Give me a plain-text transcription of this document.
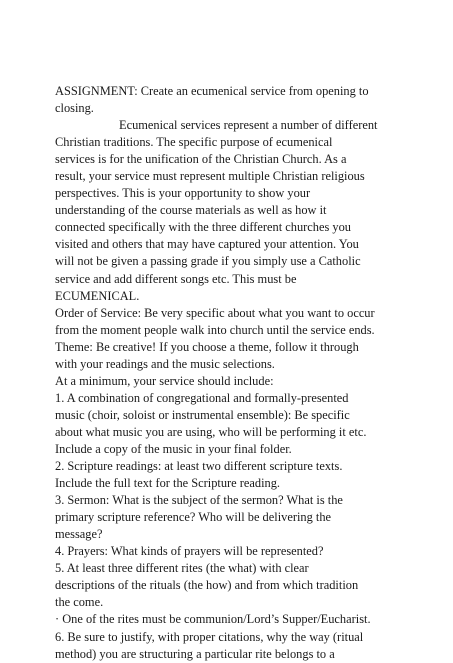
ASSIGNMENT: Create an ecumenical service from opening to
closing.
Ecumenical services represent a number of different
Christian traditions. The specific purpose of ecumenical
services is for the unification of the Christian Church. As a
result, your service must represent multiple Christian religious
perspectives. This is your opportunity to show your
understanding of the course materials as well as how it
connected specifically with the three different churches you
visited and others that may have captured your attention. You
will not be given a passing grade if you simply use a Catholic
service and add different songs etc. This must be
ECUMENICAL.
Order of Service: Be very specific about what you want to occur
from the moment people walk into church until the service ends.
Theme: Be creative! If you choose a theme, follow it through
with your readings and the music selections.
At a minimum, your service should include:
1. A combination of congregational and formally-presented
music (choir, soloist or instrumental ensemble): Be specific
about what music you are using, who will be performing it etc.
Include a copy of the music in your final folder.
2. Scripture readings: at least two different scripture texts.
Include the full text for the Scripture reading.
3. Sermon: What is the subject of the sermon? What is the
primary scripture reference? Who will be delivering the
message?
4. Prayers: What kinds of prayers will be represented?
5. At least three different rites (the what) with clear
descriptions of the rituals (the how) and from which tradition
the come.
· One of the rites must be communion/Lord’s Supper/Eucharist.
6. Be sure to justify, with proper citations, why the way (ritual
method) you are structuring a particular rite belongs to a
